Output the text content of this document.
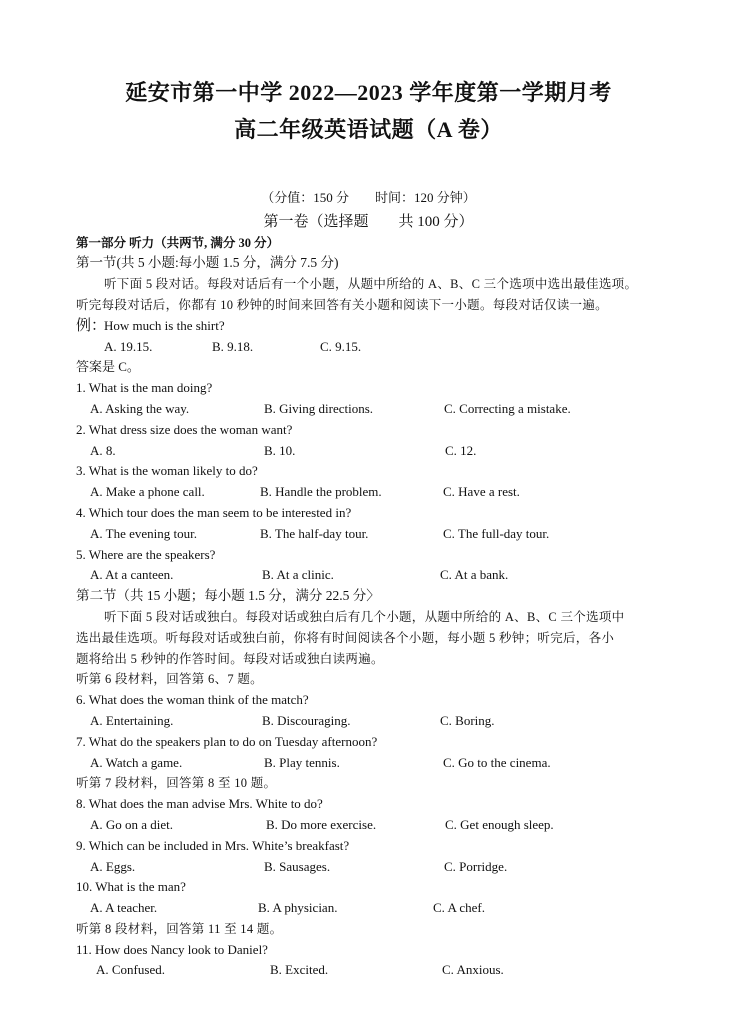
延安市第一中学 2022—2023 学年度第一学期月考
高二年级英语试题（A 卷）
（分值：150 分　　时间：120 分钟）
第一卷（选择题　　共 100 分）
第一部分 听力（共两节, 满分 30 分）
第一节(共 5 小题:每小题 1.5 分，满分 7.5 分)
听下面 5 段对话。每段对话后有一个小题，从题中所给的 A、B、C 三个选项中选出最佳选项。
听完每段对话后，你都有 10 秒钟的时间来回答有关小题和阅读下一小题。每段对话仅读一遍。
例：
How much is the shirt?
A. 19.15.	B. 9.18.	C. 9.15.
答案是 C。
1. What is the man doing?
A. Asking the way.	B. Giving directions.	C. Correcting a mistake.
2. What dress size does the woman want?
A. 8.	B. 10.	C. 12.
3. What is the woman likely to do?
A. Make a phone call.	B. Handle the problem.	C. Have a rest.
4. Which tour does the man seem to be interested in?
A. The evening tour.	B. The half-day tour.	C. The full-day tour.
5. Where are the speakers?
A. At a canteen.	B. At a clinic.	C. At a bank.
第二节（共 15 小题；每小题 1.5 分，满分 22.5 分〉
听下面 5 段对话或独白。每段对话或独白后有几个小题，从题中所给的 A、B、C 三个选项中
选出最佳选项。听每段对话或独白前，你将有时间阅读各个小题，每小题 5 秒钟；听完后，各小
题将给出 5 秒钟的作答时间。每段对话或独白读两遍。
听第 6 段材料，回答第 6、7 题。
6. What does the woman think of the match?
A. Entertaining.	B. Discouraging.	C. Boring.
7. What do the speakers plan to do on Tuesday afternoon?
A. Watch a game.	B. Play tennis.	C. Go to the cinema.
听第 7 段材料，回答第 8 至 10 题。
8. What does the man advise Mrs. White to do?
A. Go on a diet.	B. Do more exercise.	C. Get enough sleep.
9. Which can be included in Mrs. White’s breakfast?
A. Eggs.	B. Sausages.	C. Porridge.
10. What is the man?
A. A teacher.	B. A physician.	C. A chef.
听第 8 段材料，回答第 11 至 14 题。
11. How does Nancy look to Daniel?
A. Confused.	B. Excited.	C. Anxious.
